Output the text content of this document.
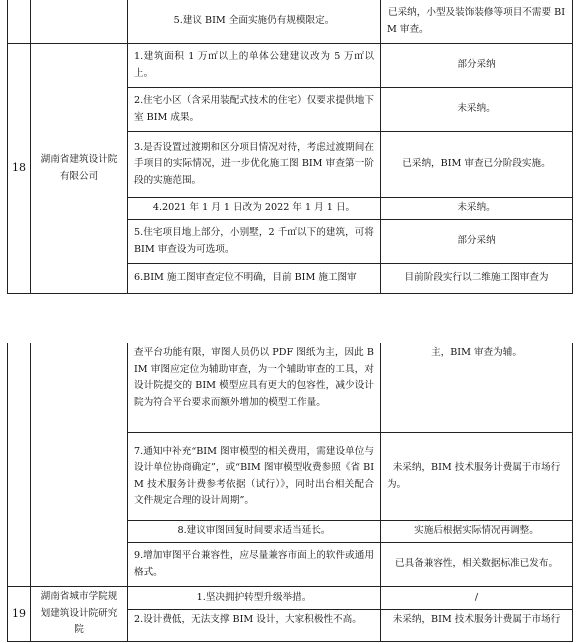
		5.建议 BIM 全面实施仍有规模限定。	已采纳，小型及装饰装修等项目不需要 BIM 审查。
18	湖南省建筑设计院有限公司	1.建筑面积 1 万㎡以上的单体公建建议改为 5 万㎡以上。	部分采纳
		2.住宅小区（含采用装配式技术的住宅）仅要求提供地下室 BIM 成果。	未采纳。
		3.是否设置过渡期和区分项目情况对待，考虑过渡期间在手项目的实际情况，进一步优化施工图 BIM 审查第一阶段的实施范围。	已采纳，BIM 审查已分阶段实施。
		4.2021 年 1 月 1 日改为 2022 年 1 月 1 日。	未采纳。
		5.住宅项目地上部分，小别墅，2 千㎡以下的建筑，可将 BIM 审查设为可选项。	部分采纳
		6.BIM 施工图审查定位不明确，目前 BIM 施工图审	目前阶段实行以二维施工图审查为
		查平台功能有限，审图人员仍以 PDF 图纸为主，因此 BIM 审图应定位为辅助审查，为一个辅助审查的工具，对设计院提交的 BIM 模型应具有更大的包容性，减少设计院为符合平台要求而额外增加的模型工作量。	主，BIM 审查为辅。
		7.通知中补充“BIM 图审模型的相关费用，需建设单位与设计单位协商确定”，或“BIM 图审模型收费参照《省 BIM 技术服务计费参考依据（试行）》，同时出台相关配合文件规定合理的设计周期”。	未采纳，BIM 技术服务计费属于市场行为。
		8.建议审图回复时间要求适当延长。	实施后根据实际情况再调整。
		9.增加审图平台兼容性，应尽量兼容市面上的软件或通用格式。	已具备兼容性，相关数据标准已发布。
19	湖南省城市学院规划建筑设计院研究院	1.坚决拥护转型升级举措。	/
		2.设计费低，无法支撑 BIM 设计，大家积极性不高。	未采纳，BIM 技术服务计费属于市场行
